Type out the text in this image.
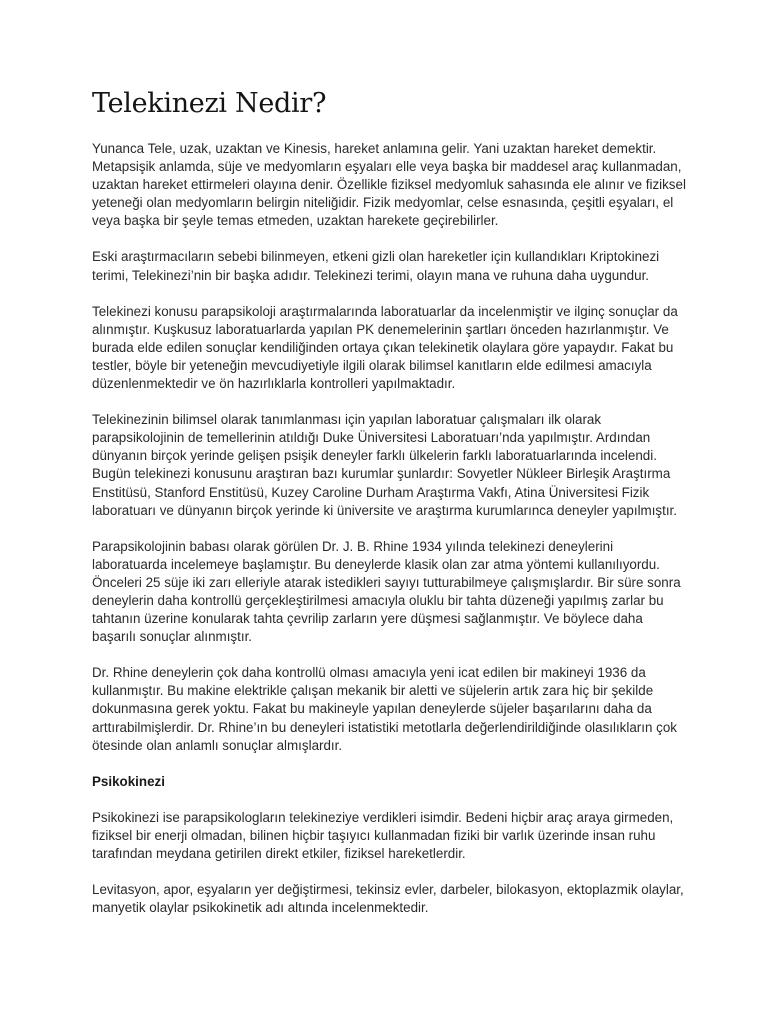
Telekinezi Nedir?

Yunanca Tele, uzak, uzaktan ve Kinesis, hareket anlamına gelir. Yani uzaktan hareket demektir. Metapsişik anlamda, süje ve medyomların eşyaları elle veya başka bir maddesel araç kullanmadan, uzaktan hareket ettirmeleri olayına denir. Özellikle fiziksel medyomluk sahasında ele alınır ve fiziksel yeteneği olan medyomların belirgin niteliğidir. Fizik medyomlar, celse esnasında, çeşitli eşyaları, el veya başka bir şeyle temas etmeden, uzaktan harekete geçirebilirler.

Eski araştırmacıların sebebi bilinmeyen, etkeni gizli olan hareketler için kullandıkları Kriptokinezi terimi, Telekinezi’nin bir başka adıdır. Telekinezi terimi, olayın mana ve ruhuna daha uygundur.

Telekinezi konusu parapsikoloji araştırmalarında laboratuarlar da incelenmiştir ve ilginç sonuçlar da alınmıştır. Kuşkusuz laboratuarlarda yapılan PK denemelerinin şartları önceden hazırlanmıştır. Ve burada elde edilen sonuçlar kendiliğinden ortaya çıkan telekinetik olaylara göre yapaydır. Fakat bu testler, böyle bir yeteneğin mevcudiyetiyle ilgili olarak bilimsel kanıtların elde edilmesi amacıyla düzenlenmektedir ve ön hazırlıklarla kontrolleri yapılmaktadır.

Telekinezinin bilimsel olarak tanımlanması için yapılan laboratuar çalışmaları ilk olarak parapsikolojinin de temellerinin atıldığı Duke Üniversitesi Laboratuarı’nda yapılmıştır. Ardından dünyanın birçok yerinde gelişen psişik deneyler farklı ülkelerin farklı laboratuarlarında incelendi. Bugün telekinezi konusunu araştıran bazı kurumlar şunlardır: Sovyetler Nükleer Birleşik Araştırma Enstitüsü, Stanford Enstitüsü, Kuzey Caroline Durham Araştırma Vakfı, Atina Üniversitesi Fizik laboratuarı ve dünyanın birçok yerinde ki üniversite ve araştırma kurumlarınca deneyler yapılmıştır.

Parapsikolojinin babası olarak görülen Dr. J. B. Rhine 1934 yılında telekinezi deneylerini laboratuarda incelemeye başlamıştır. Bu deneylerde klasik olan zar atma yöntemi kullanılıyordu. Önceleri 25 süje iki zarı elleriyle atarak istedikleri sayıyı tutturabilmeye çalışmışlardır. Bir süre sonra deneylerin daha kontrollü gerçekleştirilmesi amacıyla oluklu bir tahta düzeneği yapılmış zarlar bu tahtanın üzerine konularak tahta çevrilip zarların yere düşmesi sağlanmıştır. Ve böylece daha başarılı sonuçlar alınmıştır.

Dr. Rhine deneylerin çok daha kontrollü olması amacıyla yeni icat edilen bir makineyi 1936 da kullanmıştır. Bu makine elektrikle çalışan mekanik bir aletti ve süjelerin artık zara hiç bir şekilde dokunmasına gerek yoktu. Fakat bu makineyle yapılan deneylerde süjeler başarılarını daha da arttırabilmişlerdir. Dr. Rhine’ın bu deneyleri istatistiki metotlarla değerlendirildiğinde olasılıkların çok ötesinde olan anlamlı sonuçlar almışlardır.

Psikokinezi

Psikokinezi ise parapsikologların telekineziye verdikleri isimdir. Bedeni hiçbir araç araya girmeden, fiziksel bir enerji olmadan, bilinen hiçbir taşıyıcı kullanmadan fiziki bir varlık üzerinde insan ruhu tarafından meydana getirilen direkt etkiler, fiziksel hareketlerdir.

Levitasyon, apor, eşyaların yer değiştirmesi, tekinsiz evler, darbeler, bilokasyon, ektoplazmik olaylar, manyetik olaylar psikokinetik adı altında incelenmektedir.
